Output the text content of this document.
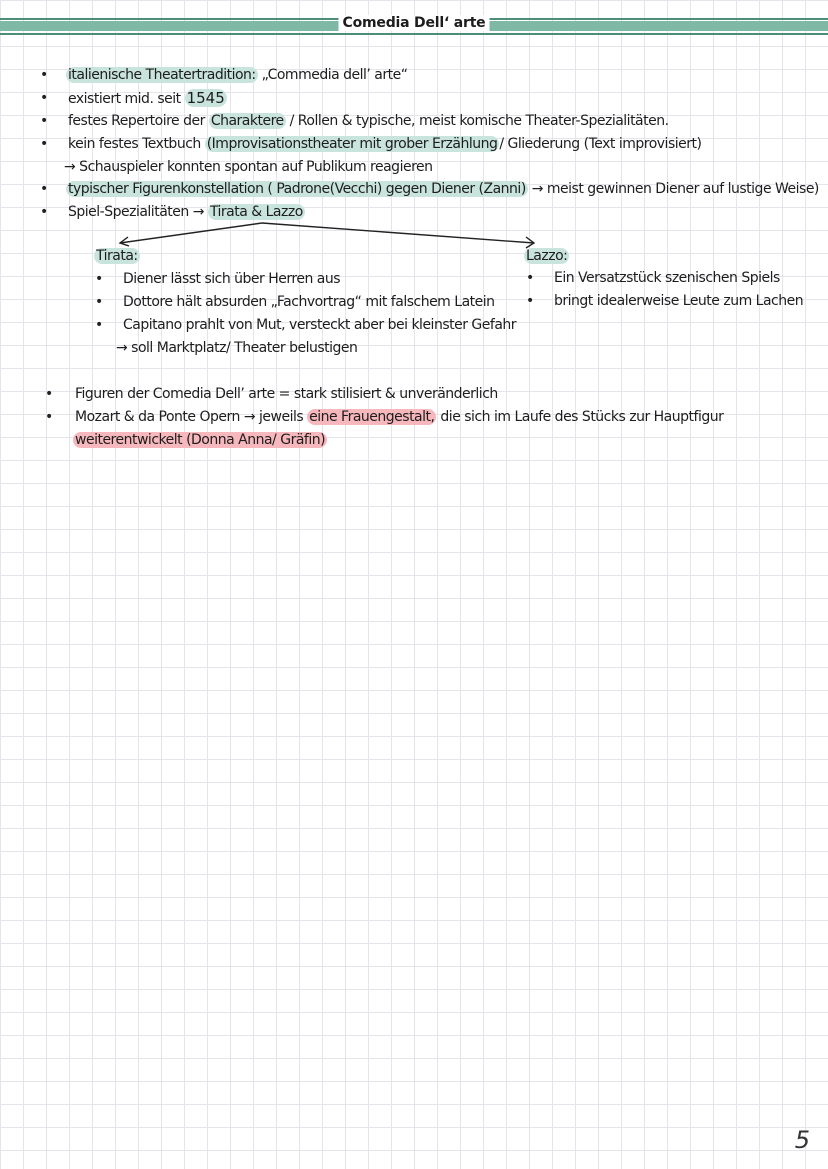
Comedia Dell‘ arte
•
•
•
•
•
•
italienische Theatertradition: „Commedia dell’ arte“
existiert mid. seit 1545
festes Repertoire der Charaktere / Rollen & typische, meist komische Theater-Spezialitäten.
kein festes Textbuch (Improvisationstheater mit grober Erzählung / Gliederung (Text improvisiert)
→ Schauspieler konnten spontan auf Publikum reagieren
typischer Figurenkonstellation ( Padrone(Vecchi) gegen Diener (Zanni) → meist gewinnen Diener auf lustige Weise)
Spiel-Spezialitäten → Tirata & Lazzo
Tirata:
• Diener lässt sich über Herren aus
• Dottore hält absurden „Fachvortrag“ mit falschem Latein
• Capitano prahlt von Mut, versteckt aber bei kleinster Gefahr
→ soll Marktplatz/ Theater belustigen
Lazzo:
• Ein Versatzstück szenischen Spiels
• bringt idealerweise Leute zum Lachen
• Figuren der Comedia Dell’ arte = stark stilisiert & unveränderlich
• Mozart & da Ponte Opern → jeweils eine Frauengestalt, die sich im Laufe des Stücks zur Hauptfigur
weiterentwickelt (Donna Anna/ Gräfin)
5
